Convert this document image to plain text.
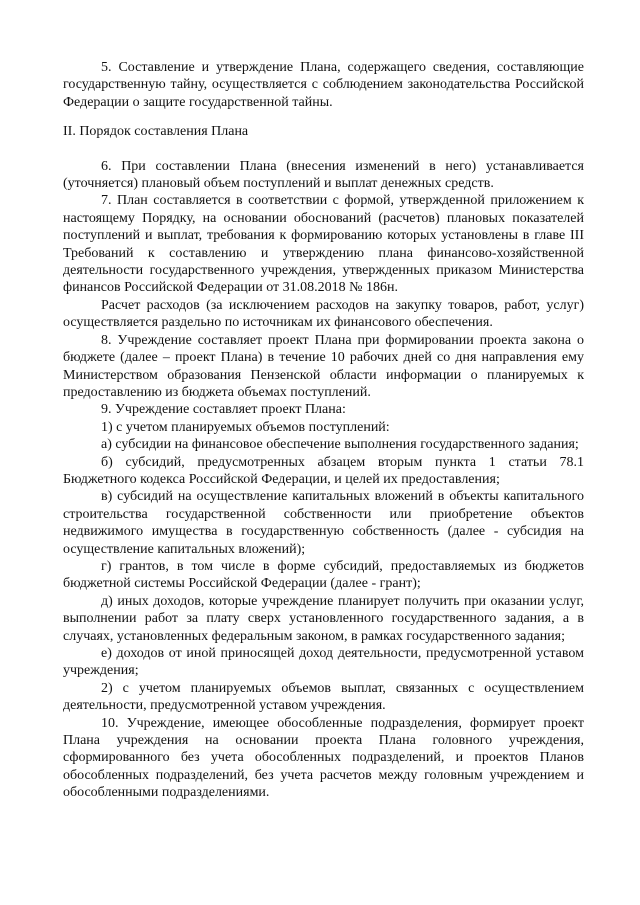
5. Составление и утверждение Плана, содержащего сведения, составляющие государственную тайну, осуществляется с соблюдением законодательства Российской Федерации о защите государственной тайны.

II. Порядок составления Плана

6. При составлении Плана (внесения изменений в него) устанавливается (уточняется) плановый объем поступлений и выплат денежных средств.

7. План составляется в соответствии с формой, утвержденной приложением к настоящему Порядку, на основании обоснований (расчетов) плановых показателей поступлений и выплат, требования к формированию которых установлены в главе III Требований к составлению и утверждению плана финансово-хозяйственной деятельности государственного учреждения, утвержденных приказом Министерства финансов Российской Федерации от 31.08.2018 № 186н.

Расчет расходов (за исключением расходов на закупку товаров, работ, услуг) осуществляется раздельно по источникам их финансового обеспечения.

8. Учреждение составляет проект Плана при формировании проекта закона о бюджете (далее – проект Плана) в течение 10 рабочих дней со дня направления ему Министерством образования Пензенской области информации о планируемых к предоставлению из бюджета объемах поступлений.

9. Учреждение составляет проект Плана:

1) с учетом планируемых объемов поступлений:

а) субсидии на финансовое обеспечение выполнения государственного задания;

б) субсидий, предусмотренных абзацем вторым пункта 1 статьи 78.1 Бюджетного кодекса Российской Федерации, и целей их предоставления;

в) субсидий на осуществление капитальных вложений в объекты капитального строительства государственной собственности или приобретение объектов недвижимого имущества в государственную собственность (далее - субсидия на осуществление капитальных вложений);

г) грантов, в том числе в форме субсидий, предоставляемых из бюджетов бюджетной системы Российской Федерации (далее - грант);

д) иных доходов, которые учреждение планирует получить при оказании услуг, выполнении работ за плату сверх установленного государственного задания, а в случаях, установленных федеральным законом, в рамках государственного задания;

е) доходов от иной приносящей доход деятельности, предусмотренной уставом учреждения;

2) с учетом планируемых объемов выплат, связанных с осуществлением деятельности, предусмотренной уставом учреждения.

10. Учреждение, имеющее обособленные подразделения, формирует проект Плана учреждения на основании проекта Плана головного учреждения, сформированного без учета обособленных подразделений, и проектов Планов обособленных подразделений, без учета расчетов между головным учреждением и обособленными подразделениями.
